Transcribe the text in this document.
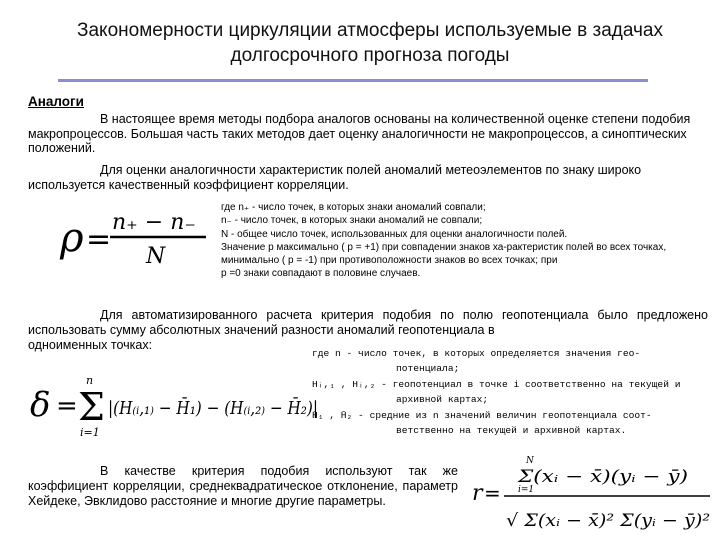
Закономерности циркуляции атмосферы используемые в задачах
долгосрочного прогноза погоды
Аналоги
В настоящее время методы подбора аналогов основаны на количественной оценке степени подобия макропроцессов. Большая часть таких методов дает оценку аналогичности не макропроцессов, а синоптических положений.
Для оценки аналогичности характеристик полей аномалий метеоэлементов по знаку широко используется качественный коэффициент корреляции.
ρ = n₊ − n₋
N
где n₊ - число точек, в которых знаки аномалий совпали;
n₋ - число точек, в которых знаки аномалий не совпали;
N - общее число точек, использованных для оценки аналогичности полей.
Значение p максимально ( p = +1) при совпадении знаков ха-рактеристик полей во всех точках,
минимально ( p = -1) при противоположности знаков во всех точках; при
p =0 знаки совпадают в половине случаев.
Для автоматизированного расчета критерия подобия по полю геопотенциала было предложено использовать сумму абсолютных значений разности аномалий геопотенциала в
одноименных точках:
δ =
n
Σ
i=1
|(H₍ᵢ,₁₎ − H̄₁) − (H₍ᵢ,₂₎ − H̄₂)|
где n - число точек, в которых определяется значения гео-
потенциала;
Hᵢ,₁ , Hᵢ,₂ - геопотенциал в точке i соответственно на текущей и
архивной картах;
H̄₁ , H̄₂ - средние из n значений величин геопотенциала соот-
ветственно на текущей и архивной картах.
В качестве критерия подобия используют так же коэффициент корреляции, среднеквадратическое отклонение, параметр Хейдеке, Эвклидово расстояние и многие другие параметры.	r =
N
i=1
Σ(xᵢ − x̄)(yᵢ − ȳ)
√ Σ(xᵢ − x̄)² Σ(yᵢ − ȳ)²
